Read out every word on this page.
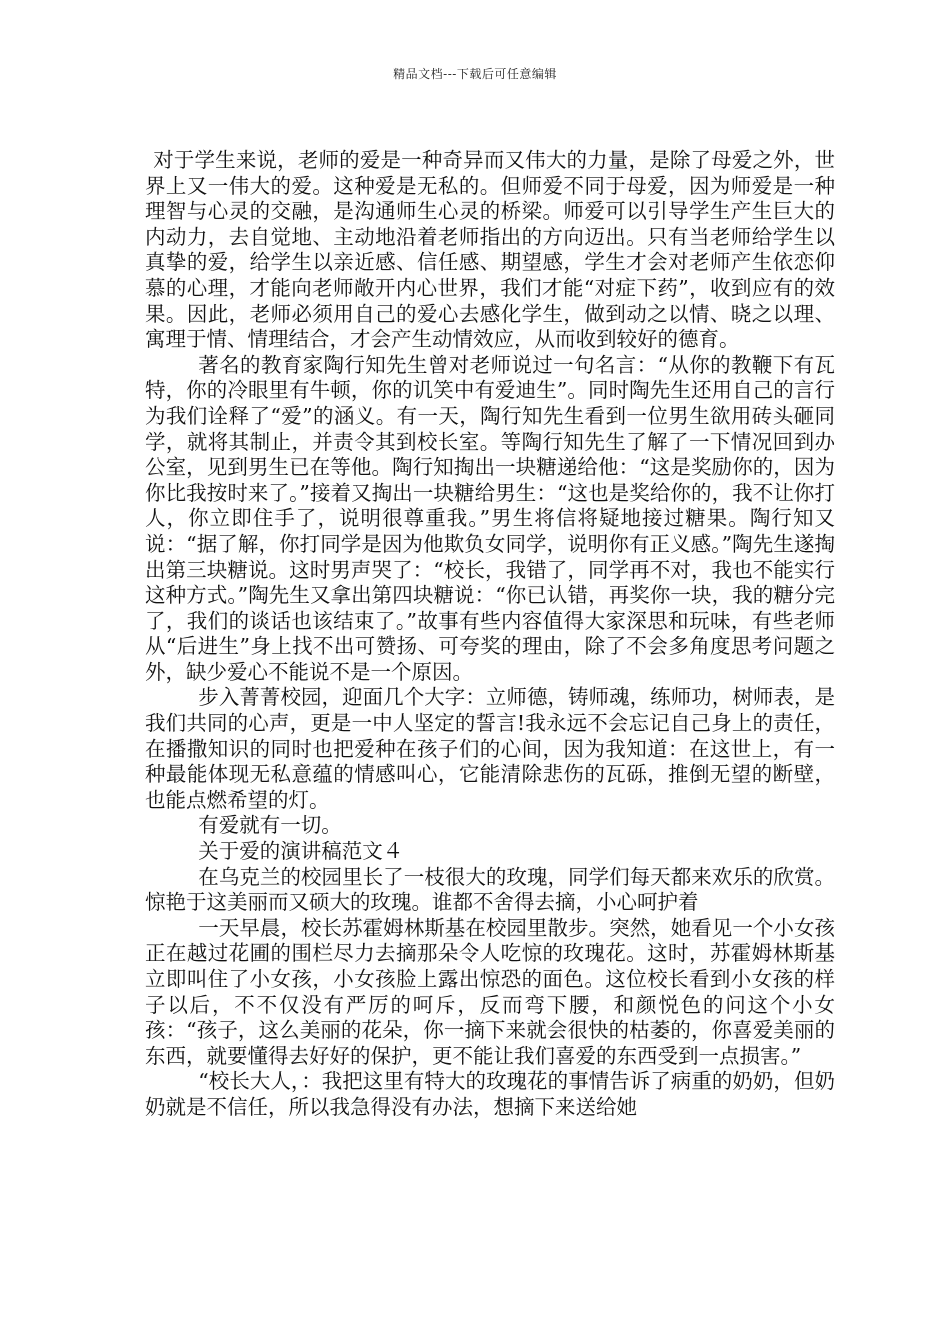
精品文档---下载后可任意编辑

对于学生来说，老师的爱是一种奇异而又伟大的力量，是除了母爱之外，世界上又一伟大的爱。这种爱是无私的。但师爱不同于母爱，因为师爱是一种理智与心灵的交融，是沟通师生心灵的桥梁。师爱可以引导学生产生巨大的内动力，去自觉地、主动地沿着老师指出的方向迈出。只有当老师给学生以真挚的爱，给学生以亲近感、信任感、期望感，学生才会对老师产生依恋仰慕的心理，才能向老师敞开内心世界，我们才能“对症下药”，收到应有的效果。因此，老师必须用自己的爱心去感化学生，做到动之以情、晓之以理、寓理于情、情理结合，才会产生动情效应，从而收到较好的德育。

著名的教育家陶行知先生曾对老师说过一句名言：“从你的教鞭下有瓦特，你的冷眼里有牛顿，你的讥笑中有爱迪生”。同时陶先生还用自己的言行为我们诠释了“爱”的涵义。有一天，陶行知先生看到一位男生欲用砖头砸同学，就将其制止，并责令其到校长室。等陶行知先生了解了一下情况回到办公室，见到男生已在等他。陶行知掏出一块糖递给他：“这是奖励你的，因为你比我按时来了。”接着又掏出一块糖给男生：“这也是奖给你的，我不让你打人，你立即住手了，说明很尊重我。”男生将信将疑地接过糖果。陶行知又说：“据了解，你打同学是因为他欺负女同学，说明你有正义感。”陶先生遂掏出第三块糖说。这时男声哭了：“校长，我错了，同学再不对，我也不能实行这种方式。”陶先生又拿出第四块糖说：“你已认错，再奖你一块，我的糖分完了，我们的谈话也该结束了。”故事有些内容值得大家深思和玩味，有些老师从“后进生”身上找不出可赞扬、可夸奖的理由，除了不会多角度思考问题之外，缺少爱心不能说不是一个原因。

步入菁菁校园，迎面几个大字：立师德，铸师魂，练师功，树师表，是我们共同的心声，更是一中人坚定的誓言!我永远不会忘记自己身上的责任，在播撒知识的同时也把爱种在孩子们的心间，因为我知道：在这世上，有一种最能体现无私意蕴的情感叫心，它能清除悲伤的瓦砾，推倒无望的断壁，也能点燃希望的灯。

有爱就有一切。

关于爱的演讲稿范文４

在乌克兰的校园里长了一枝很大的玫瑰，同学们每天都来欢乐的欣赏。惊艳于这美丽而又硕大的玫瑰。谁都不舍得去摘，小心呵护着

一天早晨，校长苏霍姆林斯基在校园里散步。突然，她看见一个小女孩正在越过花圃的围栏尽力去摘那朵令人吃惊的玫瑰花。这时，苏霍姆林斯基立即叫住了小女孩，小女孩脸上露出惊恐的面色。这位校长看到小女孩的样子以后，不不仅没有严厉的呵斥，反而弯下腰，和颜悦色的问这个小女孩：“孩子，这么美丽的花朵，你一摘下来就会很快的枯萎的，你喜爱美丽的东西，就要懂得去好好的保护，更不能让我们喜爱的东西受到一点损害。”

“校长大人，：我把这里有特大的玫瑰花的事情告诉了病重的奶奶，但奶奶就是不信任，所以我急得没有办法，想摘下来送给她
